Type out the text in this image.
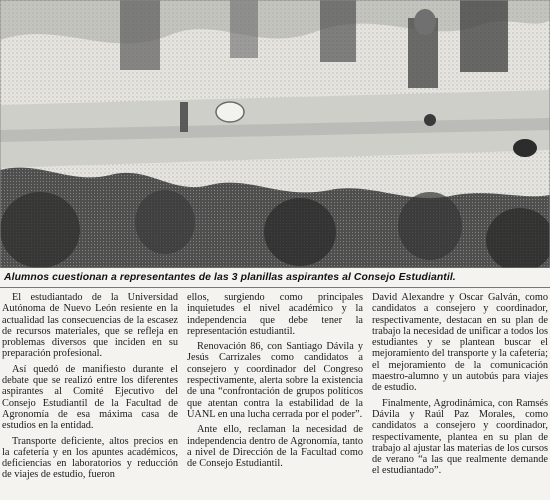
Alumnos cuestionan a representantes de las 3 planillas aspirantes al Consejo Estudiantil.

El estudiantado de la Universidad Autónoma de Nuevo León resiente en la actualidad las consecuencias de la escasez de recursos materiales, que se refleja en problemas diversos que inciden en su preparación profesional.

Así quedó de manifiesto durante el debate que se realizó entre los diferentes aspirantes al Comité Ejecutivo del Consejo Estudiantil de la Facultad de Agronomía de esa máxima casa de estudios en la entidad.

Transporte deficiente, altos precios en la cafetería y en los apuntes académicos, deficiencias en laboratorios y reducción de viajes de estudio, fueron

ellos, surgiendo como principales inquietudes el nivel académico y la independencia que debe tener la representación estudiantil.

Renovación 86, con Santiago Dávila y Jesús Carrizales como candidatos a consejero y coordinador del Congreso respectivamente, alerta sobre la existencia de una “confrontación de grupos políticos que atentan contra la estabilidad de la UANL en una lucha cerrada por el poder”.

Ante ello, reclaman la necesidad de independencia dentro de Agronomía, tanto a nivel de Dirección de la Facultad como de Consejo Estudiantil.

David Alexandre y Oscar Galván, como candidatos a consejero y coordinador, respectivamente, destacan en su plan de trabajo la necesidad de unificar a todos los estudiantes y se plantean buscar el mejoramiento del transporte y la cafetería; el mejoramiento de la comunicación maestro-alumno y un autobús para viajes de estudio.

Finalmente, Agrodinámica, con Ramsés Dávila y Raúl Paz Morales, como candidatos a consejero y coordinador, respectivamente, plantea en su plan de trabajo al ajustar las materias de los cursos de verano “a las que realmente demande el estudiantado”.
